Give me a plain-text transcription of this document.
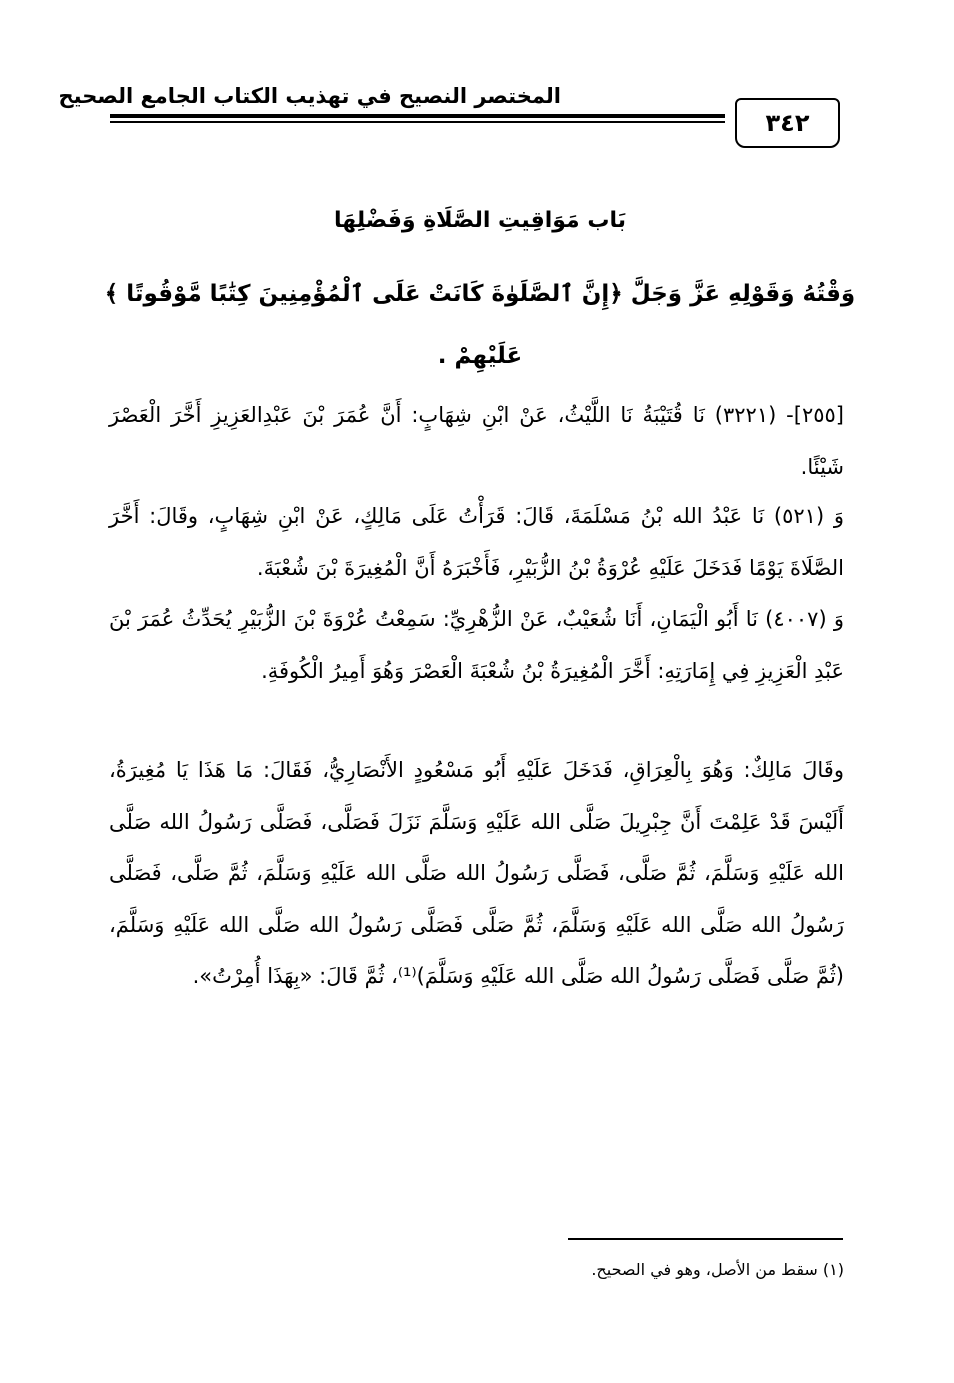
المختصر النصيح في تهذيب الكتاب الجامع الصحيح
٣٤٢
بَاب مَوَاقِيتِ الصَّلَاةِ وَفَضْلِهَا
وَقْتُهُ وَقَوْلِهِ عَزَّ وَجَلَّ ﴿إِنَّ ٱلصَّلَوٰةَ كَانَتْ عَلَى ٱلْمُؤْمِنِينَ كِتَٰبًا مَّوْقُوتًا ﴾ عَلَيْهِمْ .

[٢٥٥]- (٣٢٢١) نَا قُتَيْبَةُ نَا اللَّيْثُ، عَنْ ابْنِ شِهَابٍ: أَنَّ عُمَرَ بْنَ عَبْدِالعَزِيزِ أَخَّرَ الْعَصْرَ شَيْئًا.

وَ (٥٢١) نَا عَبْدُ الله بْنُ مَسْلَمَةَ، قَالَ: قَرَأْتُ عَلَى مَالِكٍ، عَنْ ابْنِ شِهَابٍ، وقَالَ: أَخَّرَ الصَّلَاةَ يَوْمًا فَدَخَلَ عَلَيْهِ عُرْوَةُ بْنُ الزُّبَيْرِ، فَأَخْبَرَهُ أَنَّ الْمُغِيرَةَ بْنَ شُعْبَةَ.

وَ (٤٠٠٧) نَا أَبُو الْيَمَانِ، أَنَا شُعَيْبٌ، عَنْ الزُّهْرِيِّ: سَمِعْتُ عُرْوَةَ بْنَ الزُّبَيْرِ يُحَدِّثُ عُمَرَ بْنَ عَبْدِ الْعَزِيزِ فِي إِمَارَتِهِ: أَخَّرَ الْمُغِيرَةُ بْنُ شُعْبَةَ الْعَصْرَ وَهُوَ أَمِيرُ الْكُوفَةِ.

وقَالَ مَالِكٌ: وَهُوَ بِالْعِرَاقِ، فَدَخَلَ عَلَيْهِ أَبُو مَسْعُودٍ الأَنْصَارِيُّ، فَقَالَ: مَا هَذَا يَا مُغِيرَةُ، أَلَيْسَ قَدْ عَلِمْتَ أَنَّ جِبْرِيلَ صَلَّى الله عَلَيْهِ وَسَلَّمَ نَزَلَ فَصَلَّى، فَصَلَّى رَسُولُ الله صَلَّى الله عَلَيْهِ وَسَلَّمَ، ثُمَّ صَلَّى، فَصَلَّى رَسُولُ الله صَلَّى الله عَلَيْهِ وَسَلَّمَ، ثُمَّ صَلَّى، فَصَلَّى رَسُولُ الله صَلَّى الله عَلَيْهِ وَسَلَّمَ، ثُمَّ صَلَّى فَصَلَّى رَسُولُ الله صَلَّى الله عَلَيْهِ وَسَلَّمَ، (ثُمَّ صَلَّى فَصَلَّى رَسُولُ الله صَلَّى الله عَلَيْهِ وَسَلَّمَ)⁽¹⁾، ثُمَّ قَالَ: «بِهَذَا أُمِرْتُ».

(١) سقط من الأصل، وهو في الصحيح.
